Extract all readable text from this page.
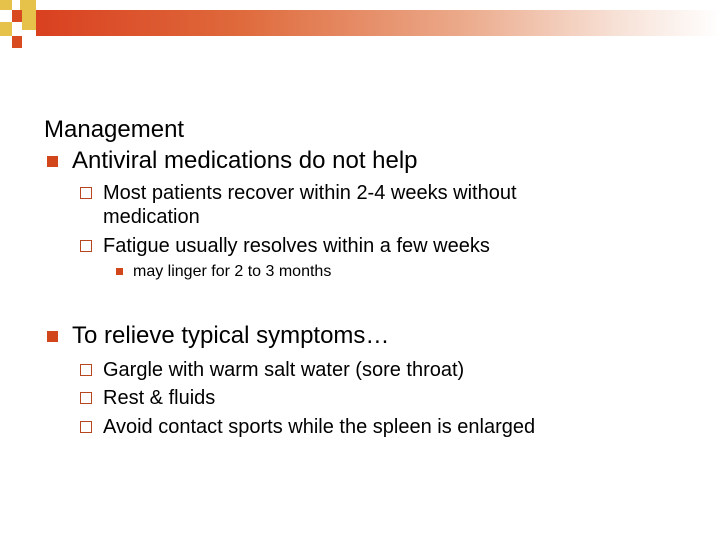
Management
Antiviral medications do not help
Most patients recover within 2-4 weeks without
medication
Fatigue usually resolves within a few weeks
may linger for 2 to 3 months
To relieve typical symptoms…
Gargle with warm salt water (sore throat)
Rest & fluids
Avoid contact sports while the spleen is enlarged
